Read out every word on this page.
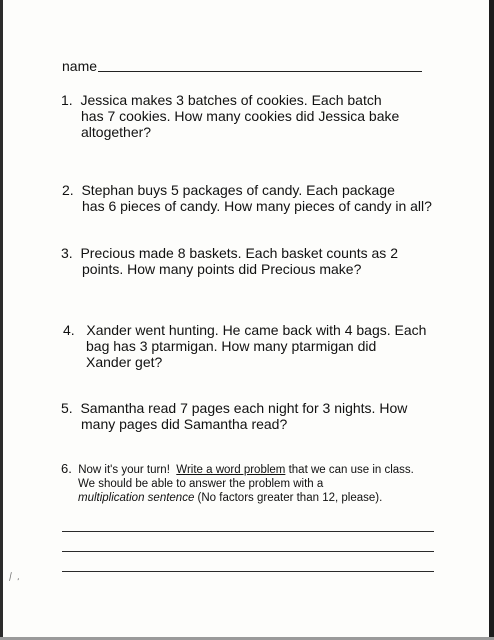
name
1. Jessica makes 3 batches of cookies. Each batch
has 7 cookies. How many cookies did Jessica bake
altogether?
2. Stephan buys 5 packages of candy. Each package
has 6 pieces of candy. How many pieces of candy in all?
3. Precious made 8 baskets. Each basket counts as 2
points. How many points did Precious make?
4. Xander went hunting. He came back with 4 bags. Each
bag has 3 ptarmigan. How many ptarmigan did
Xander get?
5. Samantha read 7 pages each night for 3 nights. How
many pages did Samantha read?
6. Now it's your turn! Write a word problem that we can use in class.
We should be able to answer the problem with a
multiplication sentence (No factors greater than 12, please).
⁄ ˏ
